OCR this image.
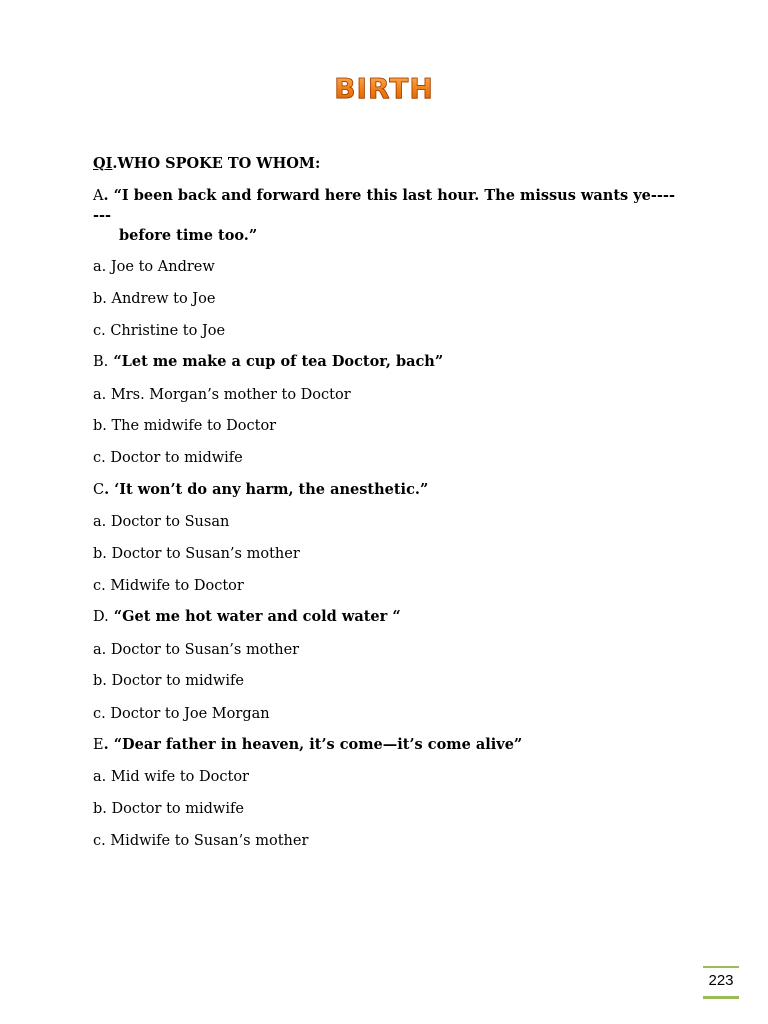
BIRTH
QI.WHO SPOKE TO WHOM:
A. “I been back and forward here this last hour. The missus wants ye----
---
before time too.”
a. Joe to Andrew
b. Andrew to Joe
c. Christine to Joe
B. “Let me make a cup of tea Doctor, bach”
a. Mrs. Morgan’s mother to Doctor
b. The midwife to Doctor
c. Doctor to midwife
C. ‘It won’t do any harm, the anesthetic.”
a. Doctor to Susan
b. Doctor to Susan’s mother
c. Midwife to Doctor
D. “Get me hot water and cold water “
a. Doctor to Susan’s mother
b. Doctor to midwife
c. Doctor to Joe Morgan
E. “Dear father in heaven, it’s come—it’s come alive”
a. Mid wife to Doctor
b. Doctor to midwife
c. Midwife to Susan’s mother
223
